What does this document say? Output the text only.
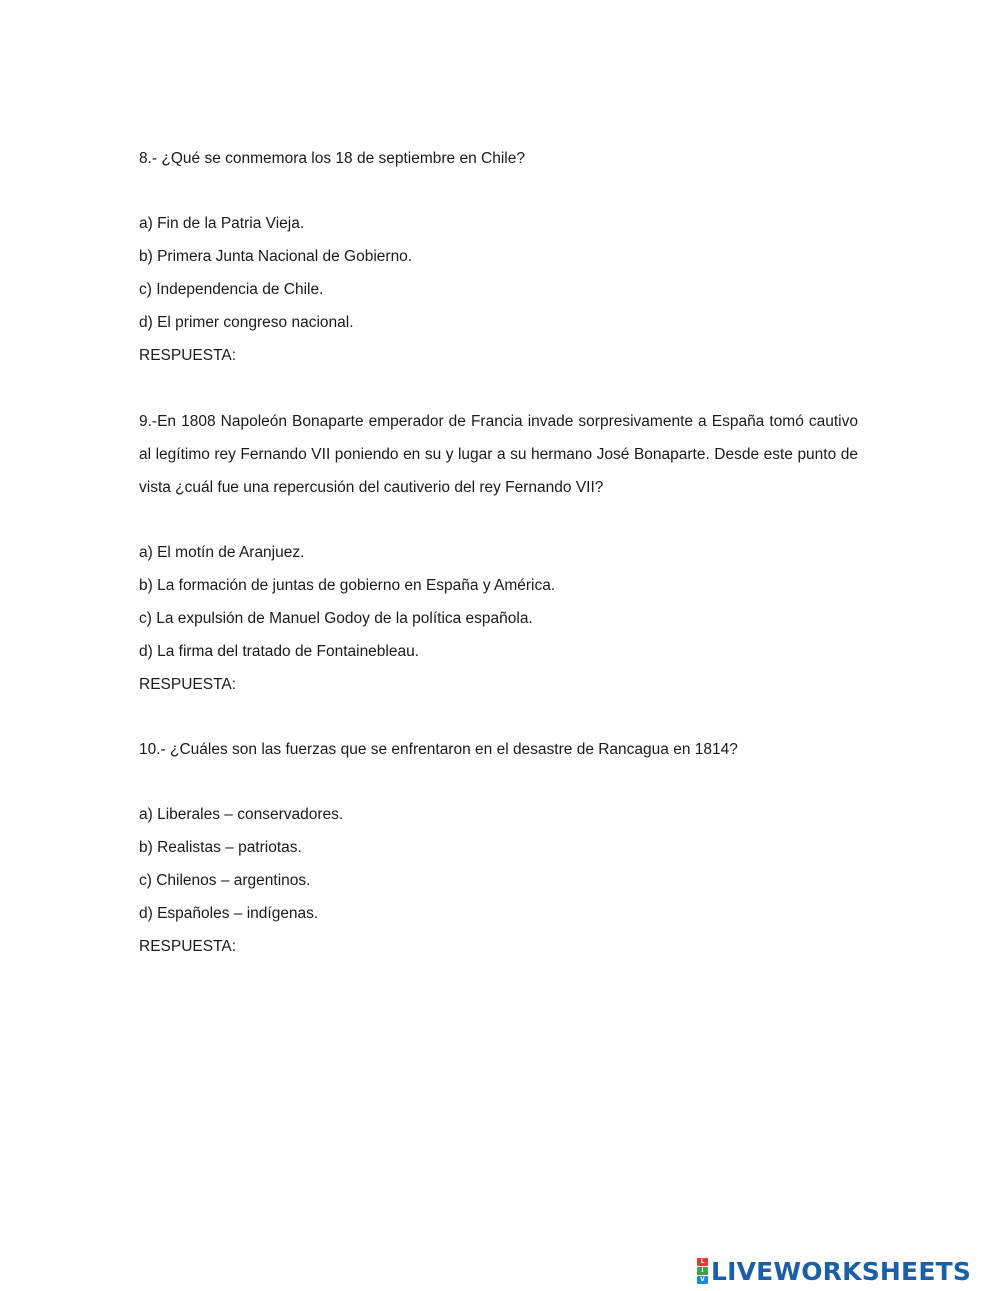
8.- ¿Qué se conmemora los 18 de septiembre en Chile?
a) Fin de la Patria Vieja.
b) Primera Junta Nacional de Gobierno.
c) Independencia de Chile.
d) El primer congreso nacional.
RESPUESTA:
9.-En 1808 Napoleón Bonaparte emperador de Francia invade sorpresivamente a España tomó cautivo al legítimo rey Fernando VII poniendo en su y lugar a su hermano José Bonaparte. Desde este punto de vista ¿cuál fue una repercusión del cautiverio del rey Fernando VII?
a) El motín de Aranjuez.
b) La formación de juntas de gobierno en España y América.
c) La expulsión de Manuel Godoy de la política española.
d) La firma del tratado de Fontainebleau.
RESPUESTA:
10.- ¿Cuáles son las fuerzas que se enfrentaron en el desastre de Rancagua en 1814?
a) Liberales – conservadores.
b) Realistas – patriotas.
c) Chilenos – argentinos.
d) Españoles – indígenas.
RESPUESTA:
L
I
V LIVEWORKSHEETS
